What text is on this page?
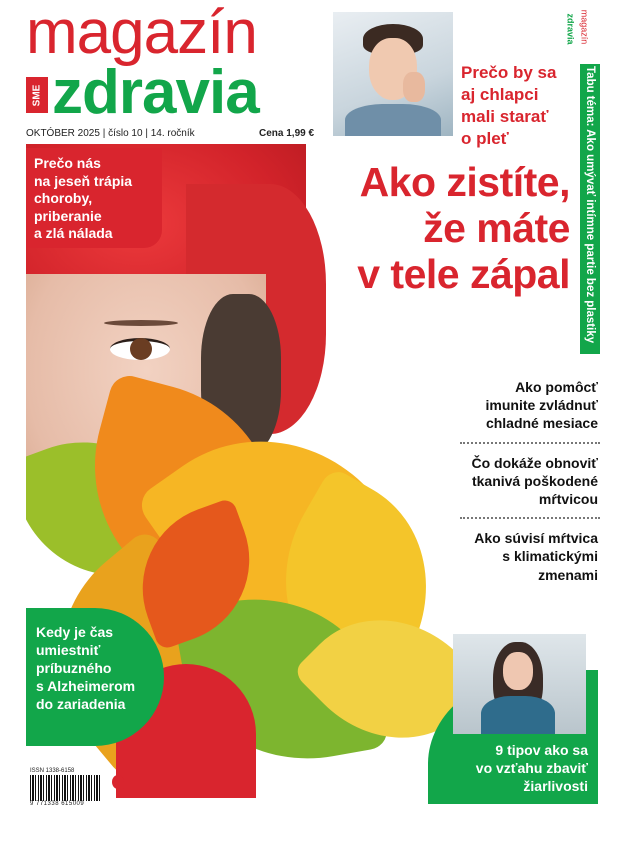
magazín
SME zdravia
OKTÓBER 2025 | číslo 10 | 14. ročník	Cena 1,99 €
Prečo by sa
aj chlapci
mali starať
o pleť
magazín
zdravia
Tabu téma: Ako umývať intímne partie bez plastiky
Ako zistíte,
že máte
v tele zápal
Prečo nás
na jeseň trápia
choroby,
priberanie
a zlá nálada
Ako pomôcť
imunite zvládnuť
chladné mesiace
Čo dokáže obnoviť
tkanivá poškodené
mŕtvicou
Ako súvisí mŕtvica
s klimatickými
zmenami
Kedy je čas
umiestniť
príbuzného
s Alzheimerom
do zariadenia
9 tipov ako sa
vo vzťahu zbaviť
žiarlivosti
ISSN 1338-6158
9 771338 615009
